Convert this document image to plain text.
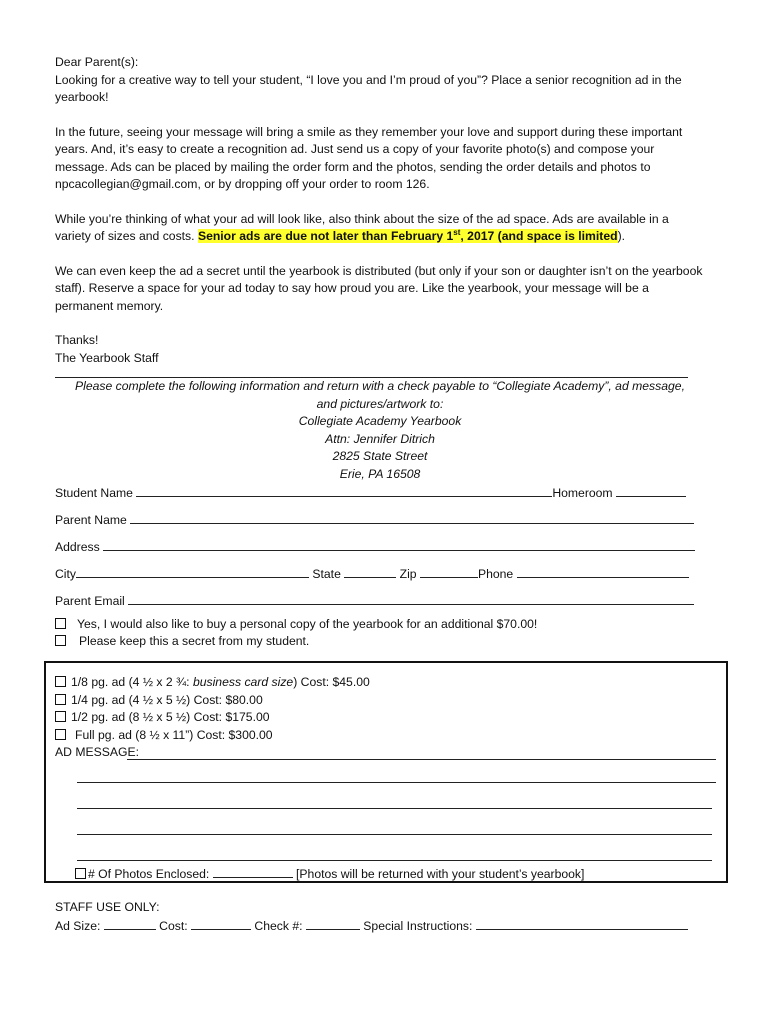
Dear Parent(s):

Looking for a creative way to tell your student, “I love you and I’m proud of you”? Place a senior recognition ad in the yearbook!

In the future, seeing your message will bring a smile as they remember your love and support during these important years. And, it’s easy to create a recognition ad. Just send us a copy of your favorite photo(s) and compose your message. Ads can be placed by mailing the order form and the photos, sending the order details and photos to npcacollegian@gmail.com, or by dropping off your order to room 126.

While you’re thinking of what your ad will look like, also think about the size of the ad space. Ads are available in a variety of sizes and costs. Senior ads are due not later than February 1st, 2017 (and space is limited).

We can even keep the ad a secret until the yearbook is distributed (but only if your son or daughter isn’t on the yearbook staff). Reserve a space for your ad today to say how proud you are. Like the yearbook, your message will be a permanent memory.

Thanks!

The Yearbook Staff

Please complete the following information and return with a check payable to “Collegiate Academy”, ad message,
and pictures/artwork to:
Collegiate Academy Yearbook
Attn: Jennifer Ditrich
2825 State Street
Erie, PA 16508
Student Name	Homeroom
Parent Name
Address
City	State	Zip	Phone
Parent Email
Yes, I would also like to buy a personal copy of the yearbook for an additional $70.00!
Please keep this a secret from my student.

1/8 pg. ad (4 ½ x 2 ¾: business card size) Cost: $45.00

1/4 pg. ad (4 ½ x 5 ½) Cost: $80.00

1/2 pg. ad (8 ½ x 5 ½) Cost: $175.00

Full pg. ad (8 ½ x 11”) Cost: $300.00

AD MESSAGE:

# Of Photos Enclosed:	[Photos will be returned with your student’s yearbook]

STAFF USE ONLY:

Ad Size:	Cost:	Check #:	Special Instructions:
